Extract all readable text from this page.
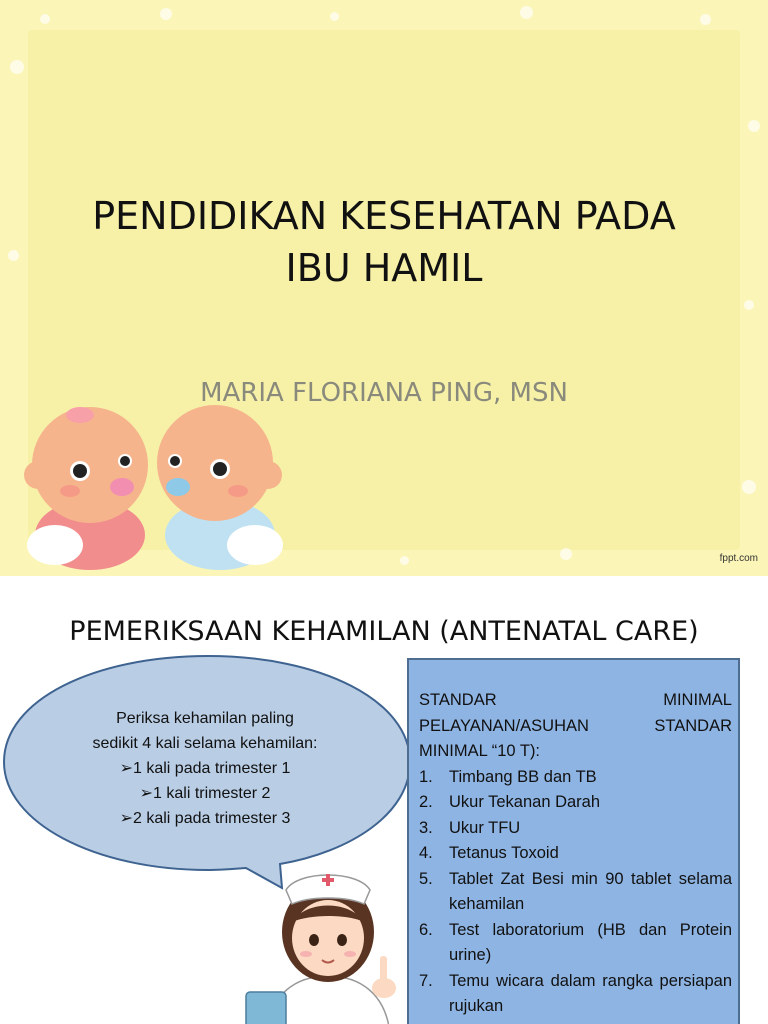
PENDIDIKAN KESEHATAN PADA
IBU HAMIL
MARIA FLORIANA PING, MSN
fppt.com
PEMERIKSAAN KEHAMILAN (ANTENATAL CARE)
Periksa kehamilan paling
sedikit 4 kali selama kehamilan:
➢1 kali pada trimester 1
➢1 kali trimester 2
➢2 kali pada trimester 3
STANDAR MINIMAL PELAYANAN/ASUHAN STANDAR MINIMAL “10 T):
1. Timbang BB dan TB
2. Ukur Tekanan Darah
3. Ukur TFU
4. Tetanus Toxoid
5. Tablet Zat Besi min 90 tablet selama kehamilan
6. Test laboratorium (HB dan Protein urine)
7. Temu wicara dalam rangka persiapan rujukan
